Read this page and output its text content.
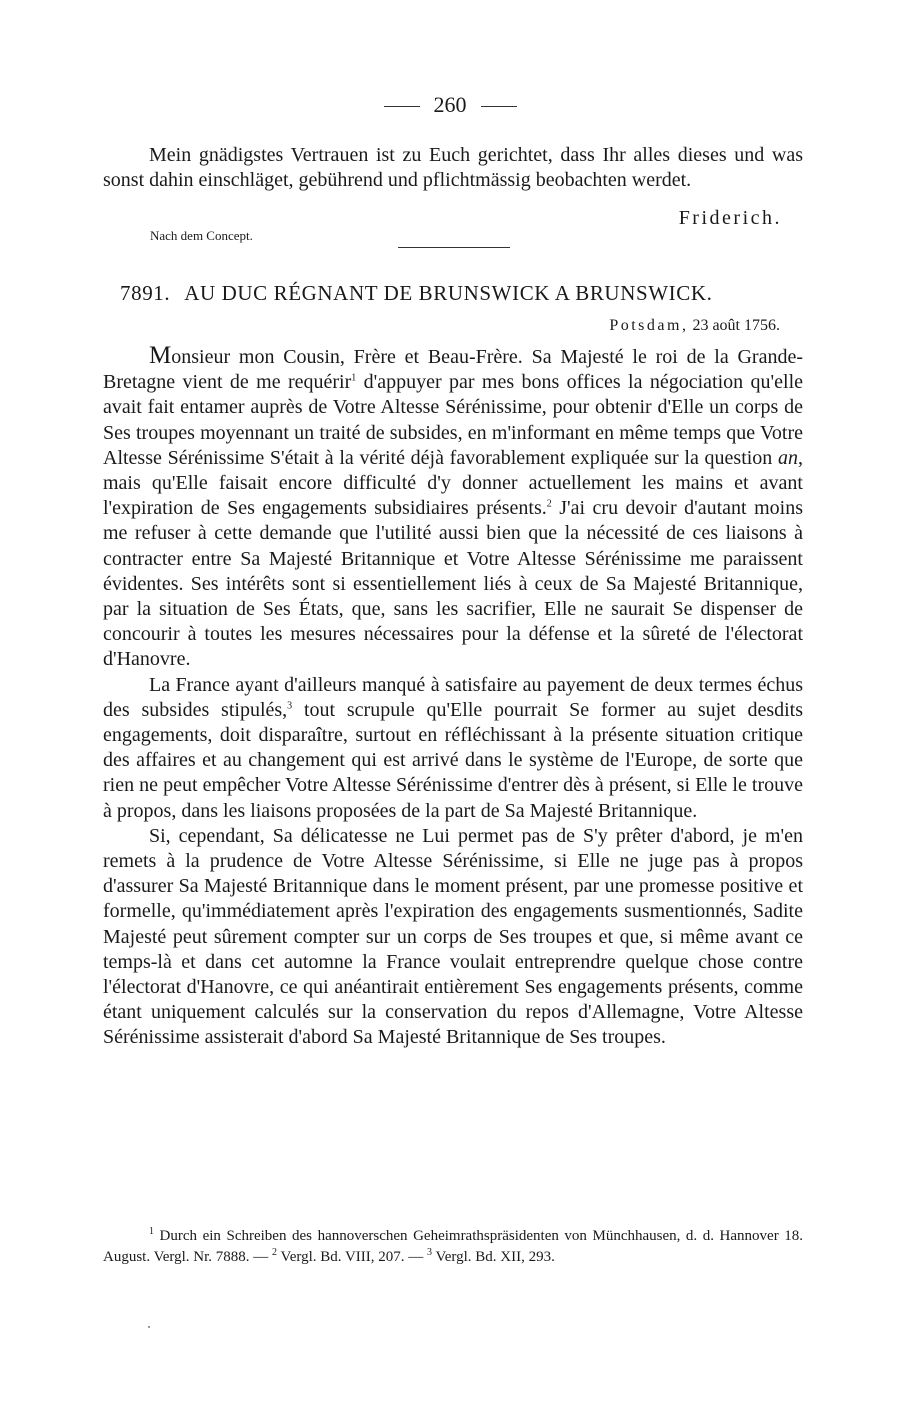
260

Mein gnädigstes Vertrauen ist zu Euch gerichtet, dass Ihr alles dieses und was sonst dahin einschläget, gebührend und pflichtmässig beobachten werdet.

Friderich.
Nach dem Concept.
7891. AU DUC RÉGNANT DE BRUNSWICK A BRUNSWICK.
Potsdam, 23 août 1756.

Monsieur mon Cousin, Frère et Beau-Frère. Sa Majesté le roi de la Grande-Bretagne vient de me requérir$^1$ d'appuyer par mes bons offices la négociation qu'elle avait fait entamer auprès de Votre Altesse Sérénissime, pour obtenir d'Elle un corps de Ses troupes moyennant un traité de subsides, en m'informant en même temps que Votre Altesse Sérénissime S'était à la vérité déjà favorablement expliquée sur la question an, mais qu'Elle faisait encore difficulté d'y donner actuellement les mains et avant l'expiration de Ses engagements subsidiaires présents.$^2$ J'ai cru devoir d'autant moins me refuser à cette demande que l'utilité aussi bien que la nécessité de ces liaisons à contracter entre Sa Majesté Britannique et Votre Altesse Sérénissime me paraissent évidentes. Ses intérêts sont si essentiellement liés à ceux de Sa Majesté Britannique, par la situation de Ses États, que, sans les sacrifier, Elle ne saurait Se dispenser de concourir à toutes les mesures nécessaires pour la défense et la sûreté de l'électorat d'Hanovre.

La France ayant d'ailleurs manqué à satisfaire au payement de deux termes échus des subsides stipulés,$^3$ tout scrupule qu'Elle pourrait Se former au sujet desdits engagements, doit disparaître, surtout en réfléchissant à la présente situation critique des affaires et au changement qui est arrivé dans le système de l'Europe, de sorte que rien ne peut empêcher Votre Altesse Sérénissime d'entrer dès à présent, si Elle le trouve à propos, dans les liaisons proposées de la part de Sa Majesté Britannique.

Si, cependant, Sa délicatesse ne Lui permet pas de S'y prêter d'abord, je m'en remets à la prudence de Votre Altesse Sérénissime, si Elle ne juge pas à propos d'assurer Sa Majesté Britannique dans le moment présent, par une promesse positive et formelle, qu'immédiatement après l'expiration des engagements susmentionnés, Sadite Majesté peut sûrement compter sur un corps de Ses troupes et que, si même avant ce temps-là et dans cet automne la France voulait entreprendre quelque chose contre l'électorat d'Hanovre, ce qui anéantirait entièrement Ses engagements présents, comme étant uniquement calculés sur la conservation du repos d'Allemagne, Votre Altesse Sérénissime assisterait d'abord Sa Majesté Britannique de Ses troupes.

$^1$ Durch ein Schreiben des hannoverschen Geheimrathspräsidenten von Münchhausen, d. d. Hannover 18. August. Vergl. Nr. 7888. — $^2$ Vergl. Bd. VIII, 207. — $^3$ Vergl. Bd. XII, 293.
